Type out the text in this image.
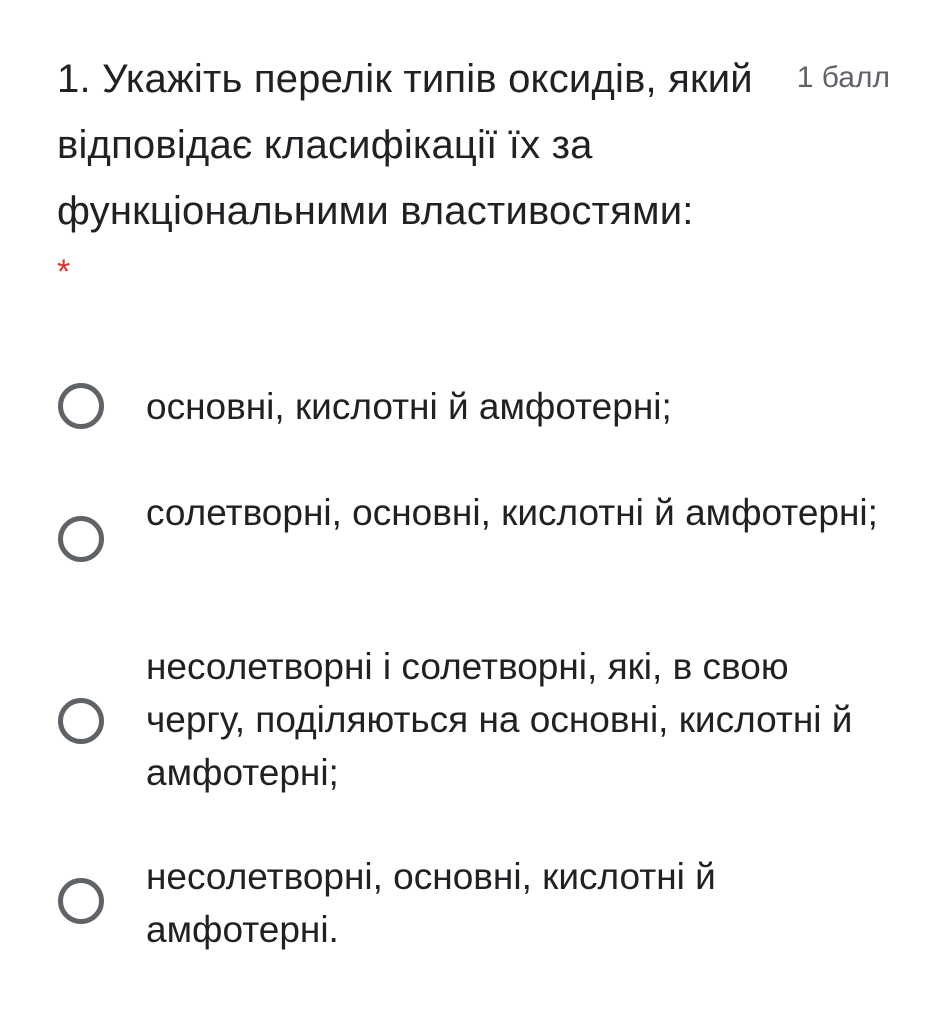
1. Укажіть перелік типів оксидів, який відповідає класифікації їх за функціональними властивостями:
1 балл
*
основні, кислотні й амфотерні;
солетворні, основні, кислотні й амфотерні;
несолетворні і солетворні, які, в свою чергу, поділяються на основні, кислотні й амфотерні;
несолетворні, основні, кислотні й амфотерні.
